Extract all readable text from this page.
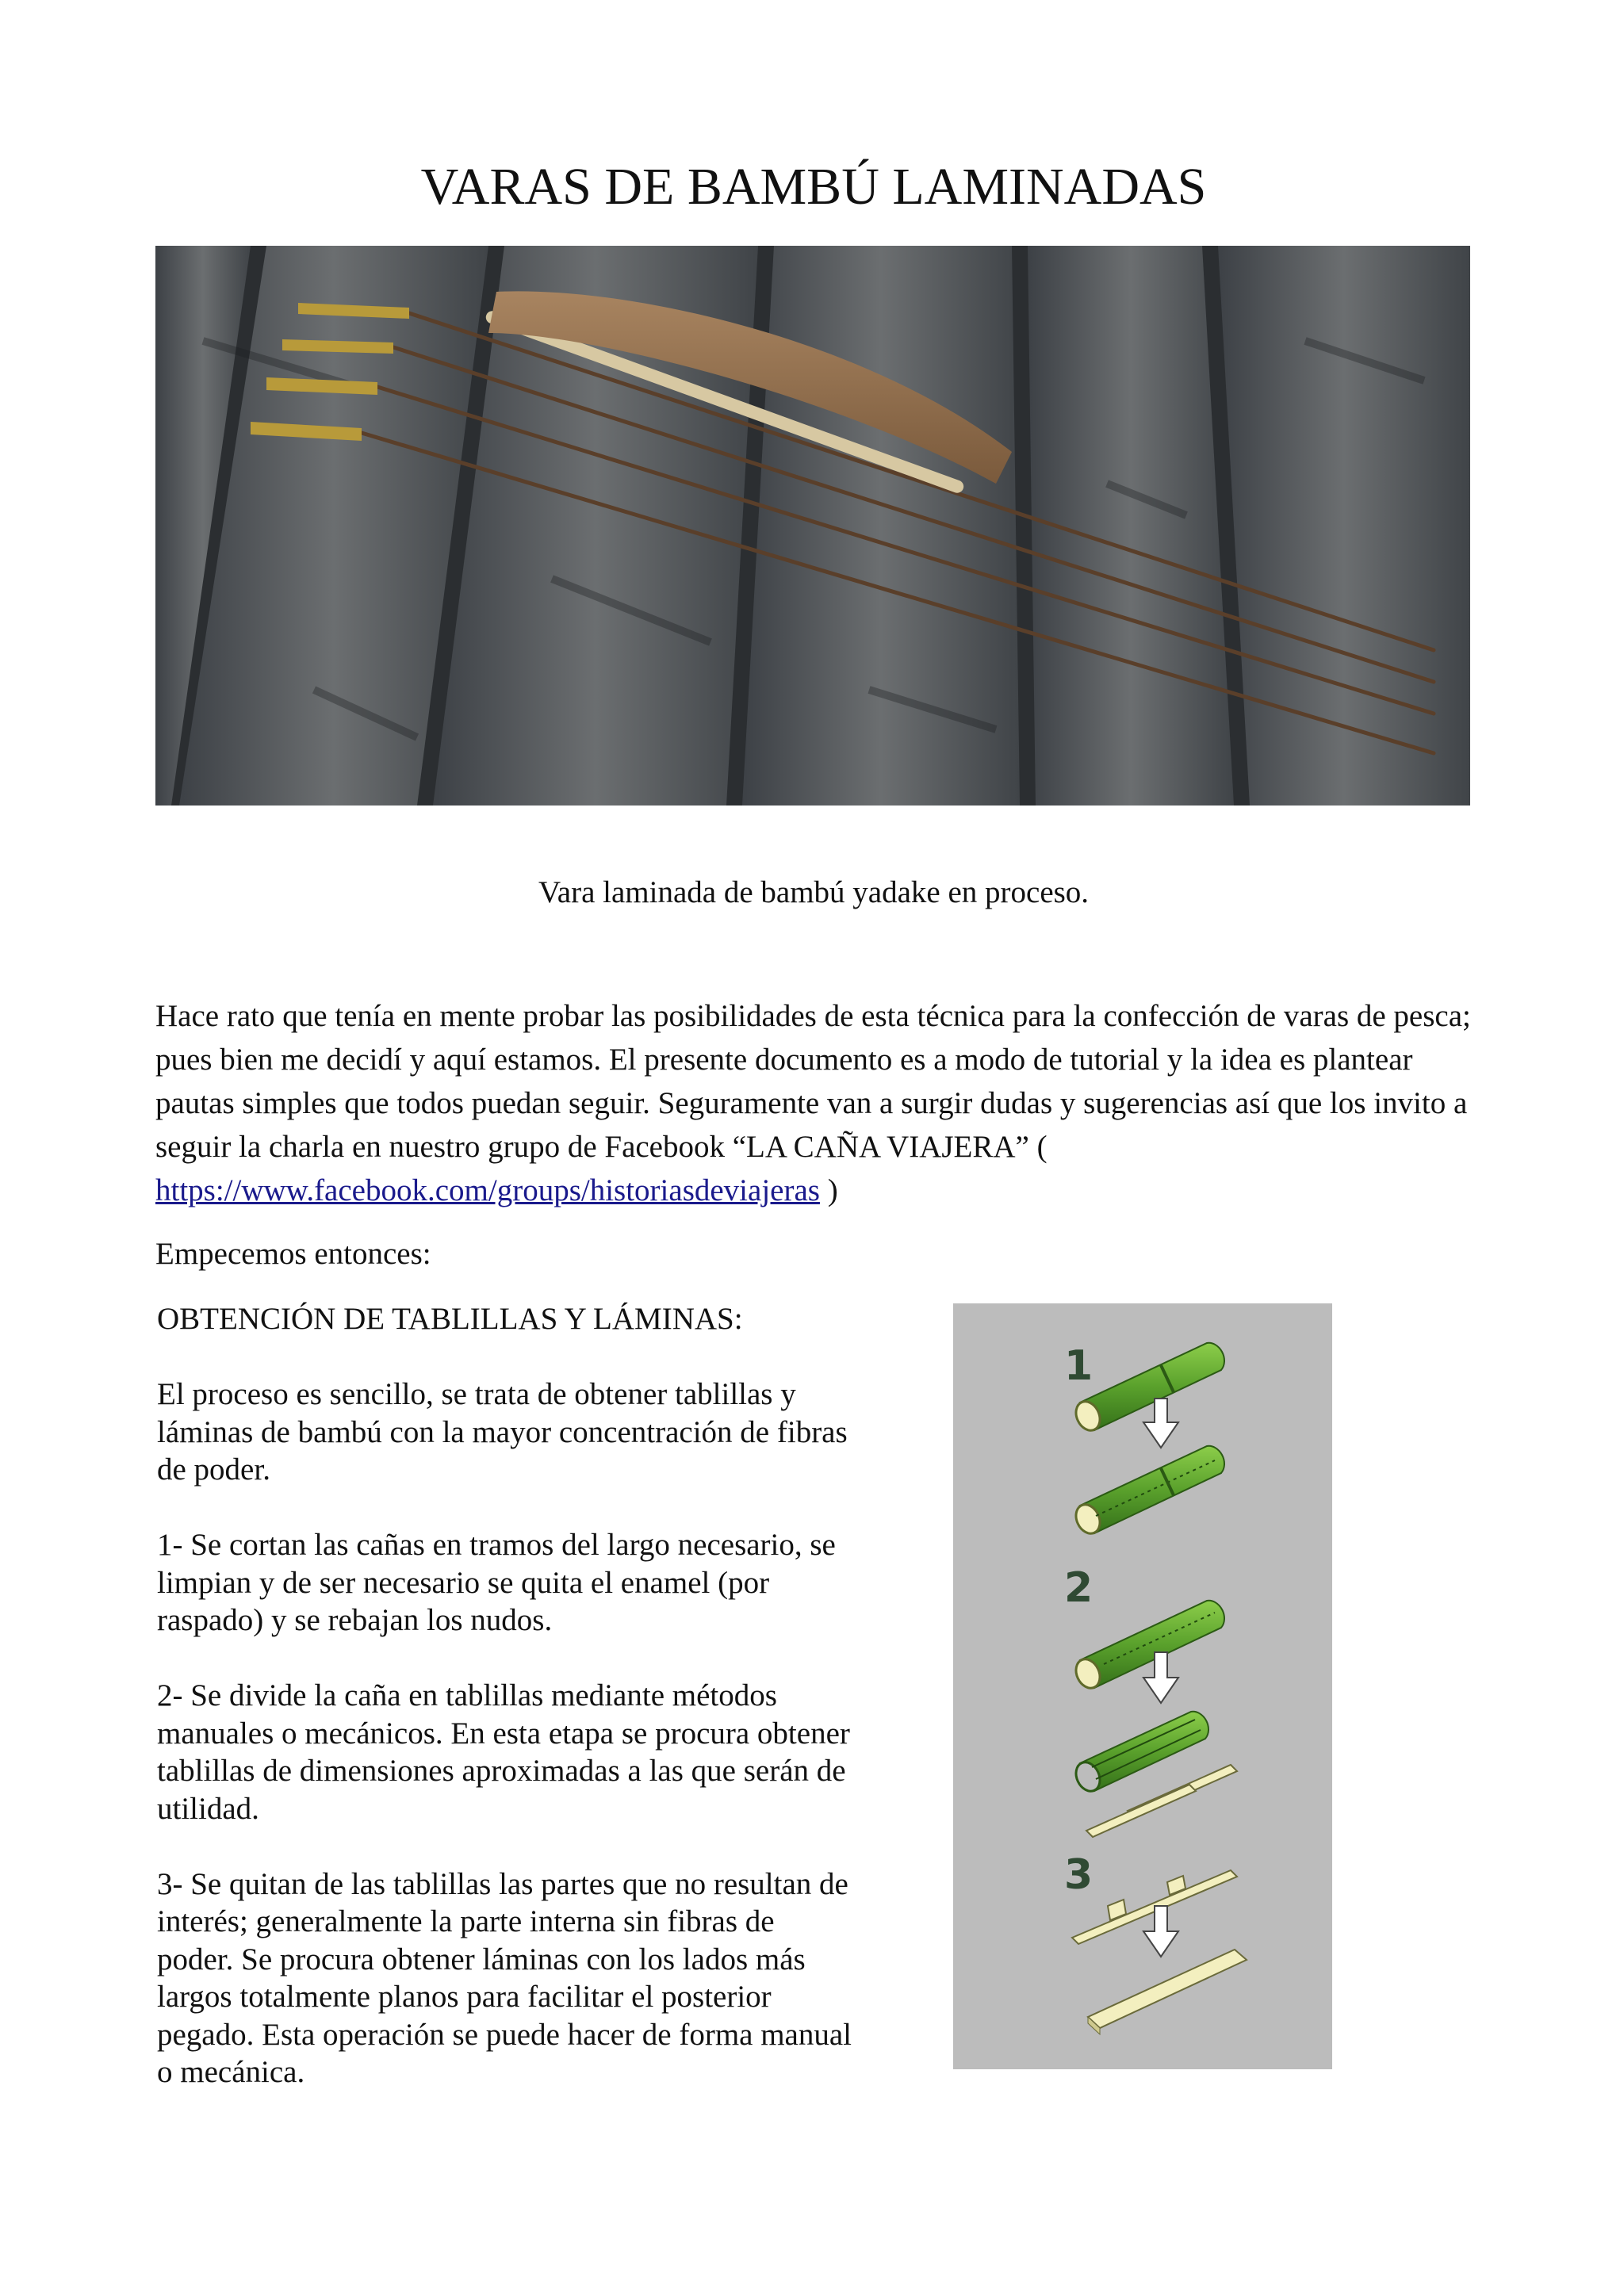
VARAS DE BAMBÚ LAMINADAS
Vara laminada de bambú yadake en proceso.

Hace rato que tenía en mente probar las posibilidades de esta técnica para la confección de varas de pesca; pues bien me decidí y aquí estamos. El presente documento es a modo de tutorial y la idea es plantear pautas simples que todos puedan seguir. Seguramente van a surgir dudas y sugerencias así que los invito a seguir la charla en nuestro grupo de Facebook “LA CAÑA VIAJERA” ( https://www.facebook.com/groups/historiasdeviajeras )

Empecemos entonces:

OBTENCIÓN DE TABLILLAS Y LÁMINAS:

El proceso es sencillo, se trata de obtener tablillas y láminas de bambú con la mayor concentración de fibras de poder.

1- Se cortan las cañas en tramos del largo necesario, se limpian y de ser necesario se quita el enamel (por raspado) y se rebajan los nudos.

2- Se divide la caña en tablillas mediante métodos manuales o mecánicos. En esta etapa se procura obtener tablillas de dimensiones aproximadas a las que serán de utilidad.

3- Se quitan de las tablillas las partes que no resultan de interés; generalmente la parte interna sin fibras de poder. Se procura obtener láminas con los lados más largos totalmente planos para facilitar el posterior pegado. Esta operación se puede hacer de forma manual o mecánica.

1
2
3
